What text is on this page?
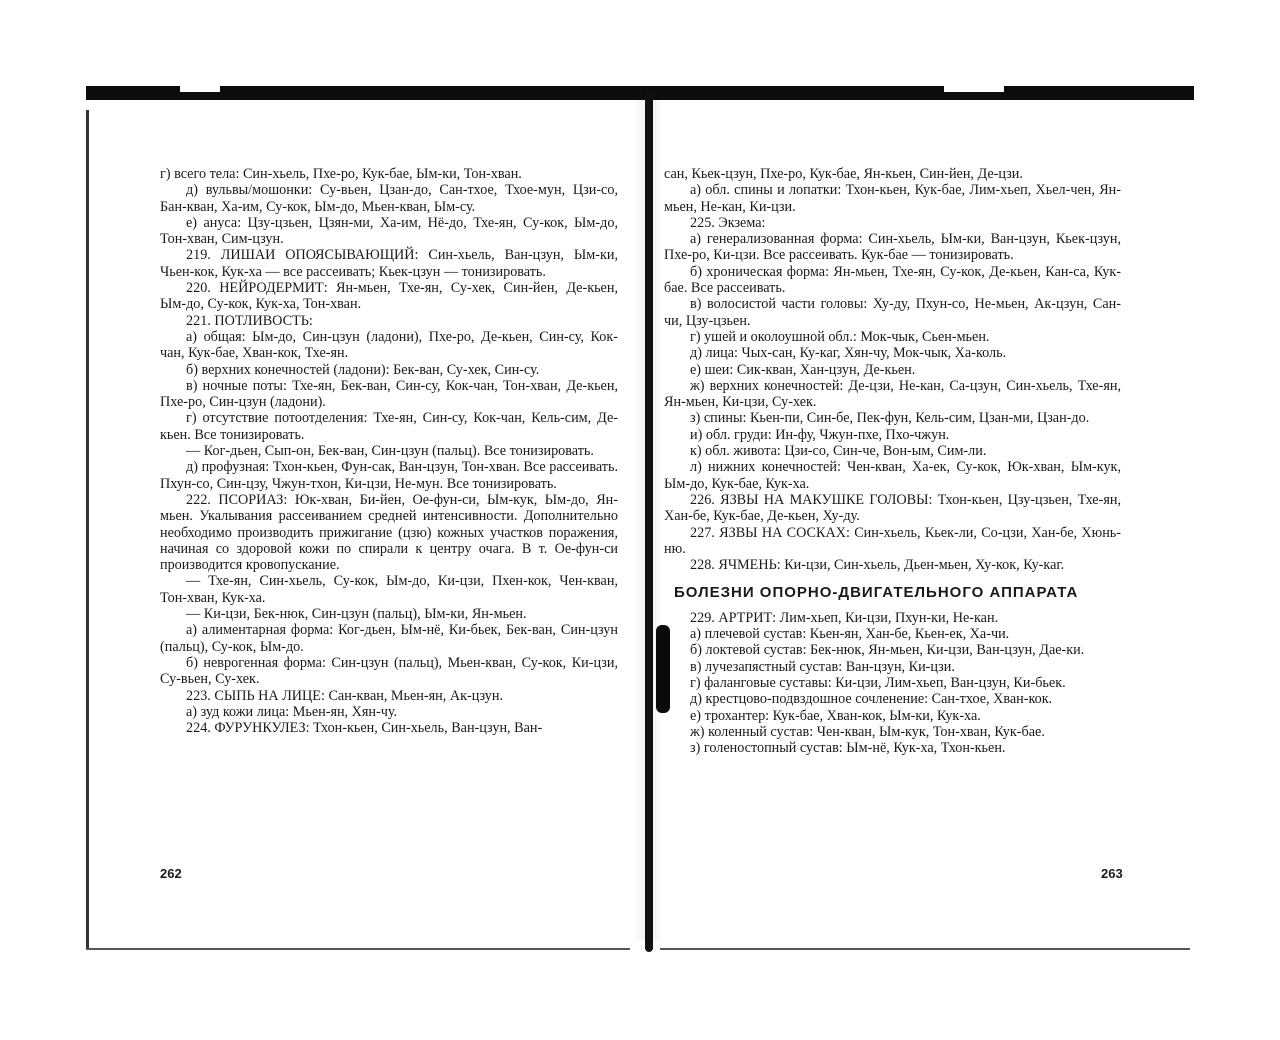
г) всего тела: Син-хьель, Пхе-ро, Кук-бае, Ым-ки, Тон-хван.

д) вульвы/мошонки: Су-вьен, Цзан-до, Сан-тхое, Тхое-мун, Цзи-со, Бан-кван, Ха-им, Су-кок, Ым-до, Мьен-кван, Ым-су.

е) ануса: Цзу-цзьен, Цзян-ми, Ха-им, Нё-до, Тхе-ян, Су-кок, Ым-до, Тон-хван, Сим-цзун.

219. ЛИШАИ ОПОЯСЫВАЮЩИЙ: Син-хьель, Ван-цзун, Ым-ки, Чьен-кок, Кук-ха — все рассеивать; Кьек-цзун — тонизировать.

220. НЕЙРОДЕРМИТ: Ян-мьен, Тхе-ян, Су-хек, Син-йен, Де-кьен, Ым-до, Су-кок, Кук-ха, Тон-хван.

221. ПОТЛИВОСТЬ:

а) общая: Ым-до, Син-цзун (ладони), Пхе-ро, Де-кьен, Син-су, Кок-чан, Кук-бае, Хван-кок, Тхе-ян.

б) верхних конечностей (ладони): Бек-ван, Су-хек, Син-су.

в) ночные поты: Тхе-ян, Бек-ван, Син-су, Кок-чан, Тон-хван, Де-кьен, Пхе-ро, Син-цзун (ладони).

г) отсутствие потоотделения: Тхе-ян, Син-су, Кок-чан, Кель-сим, Де-кьен. Все тонизировать.

— Ког-дьен, Сып-он, Бек-ван, Син-цзун (пальц). Все тонизировать.

д) профузная: Тхон-кьен, Фун-сак, Ван-цзун, Тон-хван. Все рассеивать. Пхун-со, Син-цзу, Чжун-тхон, Ки-цзи, Не-мун. Все тонизировать.

222. ПСОРИАЗ: Юк-хван, Би-йен, Ое-фун-си, Ым-кук, Ым-до, Ян-мьен. Укалывания рассеиванием средней интенсивности. Дополнительно необходимо производить прижигание (цзю) кожных участков поражения, начиная со здоровой кожи по спирали к центру очага. В т. Ое-фун-си производится кровопускание.

— Тхе-ян, Син-хьель, Су-кок, Ым-до, Ки-цзи, Пхен-кок, Чен-кван, Тон-хван, Кук-ха.

— Ки-цзи, Бек-нюк, Син-цзун (пальц), Ым-ки, Ян-мьен.

а) алиментарная форма: Ког-дьен, Ым-нё, Ки-бьек, Бек-ван, Син-цзун (пальц), Су-кок, Ым-до.

б) неврогенная форма: Син-цзун (пальц), Мьен-кван, Су-кок, Ки-цзи, Су-вьен, Су-хек.

223. СЫПЬ НА ЛИЦЕ: Сан-кван, Мьен-ян, Ак-цзун.

а) зуд кожи лица: Мьен-ян, Хян-чу.

224. ФУРУНКУЛЕЗ: Тхон-кьен, Син-хьель, Ван-цзун, Ван-

262

сан, Кьек-цзун, Пхе-ро, Кук-бае, Ян-кьен, Син-йен, Де-цзи.

а) обл. спины и лопатки: Тхон-кьен, Кук-бае, Лим-хьеп, Хьел-чен, Ян-мьен, Не-кан, Ки-цзи.

225. Экзема:

а) генерализованная форма: Син-хьель, Ым-ки, Ван-цзун, Кьек-цзун, Пхе-ро, Ки-цзи. Все рассеивать. Кук-бае — тонизировать.

б) хроническая форма: Ян-мьен, Тхе-ян, Су-кок, Де-кьен, Кан-са, Кук-бае. Все рассеивать.

в) волосистой части головы: Ху-ду, Пхун-со, Не-мьен, Ак-цзун, Сан-чи, Цзу-цзьен.

г) ушей и околоушной обл.: Мок-чык, Сьен-мьен.

д) лица: Чых-сан, Ку-каг, Хян-чу, Мок-чык, Ха-коль.

е) шеи: Сик-кван, Хан-цзун, Де-кьен.

ж) верхних конечностей: Де-цзи, Не-кан, Са-цзун, Син-хьель, Тхе-ян, Ян-мьен, Ки-цзи, Су-хек.

з) спины: Кьен-пи, Син-бе, Пек-фун, Кель-сим, Цзан-ми, Цзан-до.

и) обл. груди: Ин-фу, Чжун-пхе, Пхо-чжун.

к) обл. живота: Цзи-со, Син-че, Вон-ым, Сим-ли.

л) нижних конечностей: Чен-кван, Ха-ек, Су-кок, Юк-хван, Ым-кук, Ым-до, Кук-бае, Кук-ха.

226. ЯЗВЫ НА МАКУШКЕ ГОЛОВЫ: Тхон-кьен, Цзу-цзьен, Тхе-ян, Хан-бе, Кук-бае, Де-кьен, Ху-ду.

227. ЯЗВЫ НА СОСКАХ: Син-хьель, Кьек-ли, Со-цзи, Хан-бе, Хюнь-ню.

228. ЯЧМЕНЬ: Ки-цзи, Син-хьель, Дьен-мьен, Ху-кок, Ку-каг.

БОЛЕЗНИ ОПОРНО-ДВИГАТЕЛЬНОГО АППАРАТА

229. АРТРИТ: Лим-хьеп, Ки-цзи, Пхун-ки, Не-кан.

а) плечевой сустав: Кьен-ян, Хан-бе, Кьен-ек, Ха-чи.

б) локтевой сустав: Бек-нюк, Ян-мьен, Ки-цзи, Ван-цзун, Дае-ки.

в) лучезапястный сустав: Ван-цзун, Ки-цзи.

г) фаланговые суставы: Ки-цзи, Лим-хьеп, Ван-цзун, Ки-бьек.

д) крестцово-подвздошное сочленение: Сан-тхое, Хван-кок.

е) трохантер: Кук-бае, Хван-кок, Ым-ки, Кук-ха.

ж) коленный сустав: Чен-кван, Ым-кук, Тон-хван, Кук-бае.

з) голеностопный сустав: Ым-нё, Кук-ха, Тхон-кьен.

263
